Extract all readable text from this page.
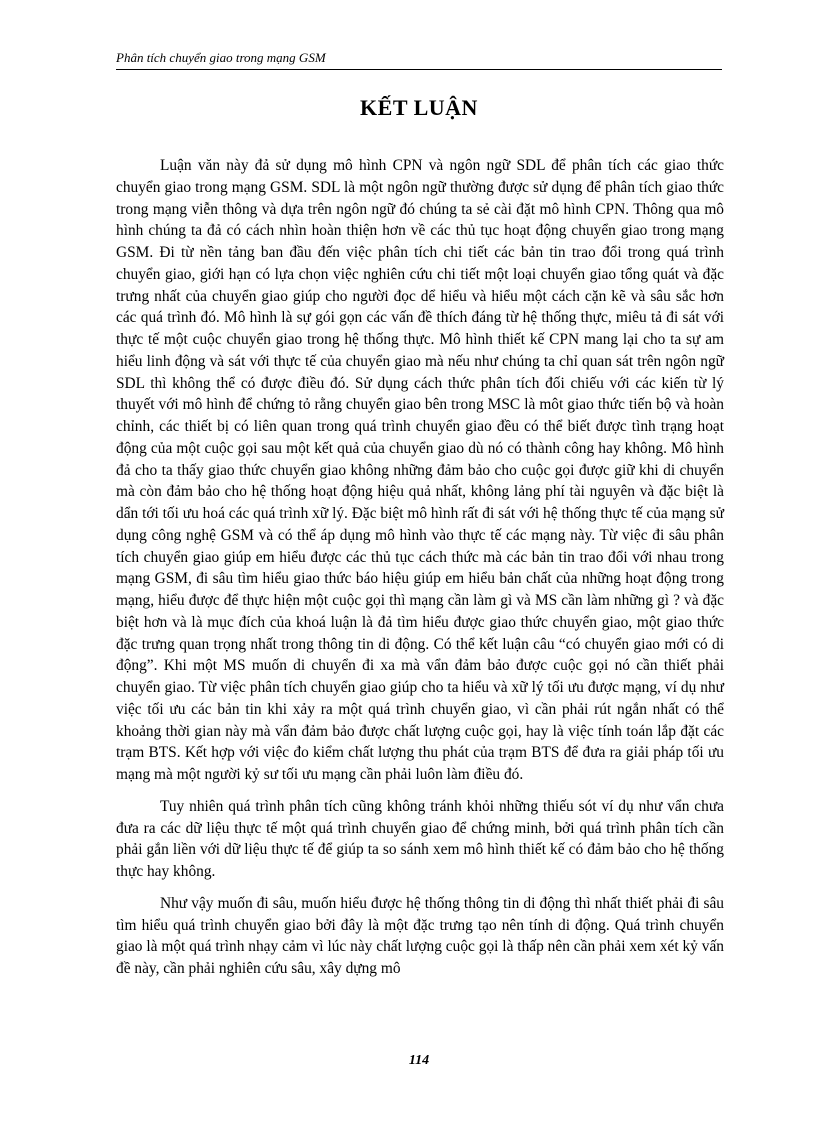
Phân tích chuyển giao trong mạng GSM
KẾT LUẬN

Luận văn này đả sử dụng mô hình CPN và ngôn ngữ SDL để phân tích các giao thức chuyển giao trong mạng GSM. SDL là một ngôn ngữ thường được sử dụng để phân tích giao thức trong mạng viễn thông và dựa trên ngôn ngữ đó chúng ta sẻ cài đặt mô hình CPN. Thông qua mô hình chúng ta đả có cách nhìn hoàn thiện hơn về các thủ tục hoạt động chuyển giao trong mạng GSM. Đi từ nền tảng ban đầu đến việc phân tích chi tiết các bản tin trao đổi trong quá trình chuyển giao, giới hạn có lựa chọn việc nghiên cứu chi tiết một loại chuyển giao tổng quát và đặc trưng nhất của chuyển giao giúp cho người đọc dể hiểu và hiểu một cách cặn kẽ và sâu sắc hơn các quá trình đó. Mô hình là sự gói gọn các vấn đề thích đáng từ hệ thống thực, miêu tả đi sát với thực tế một cuộc chuyển giao trong hệ thống thực. Mô hình thiết kế CPN mang lại cho ta sự am hiểu linh động và sát với thực tế của chuyển giao mà nếu như chúng ta chỉ quan sát trên ngôn ngữ SDL thì không thể có được điều đó. Sử dụng cách thức phân tích đối chiếu với các kiến từ lý thuyết với mô hình để chứng tỏ rằng chuyển giao bên trong MSC là môt giao thức tiến bộ và hoàn chỉnh, các thiết bị có liên quan trong quá trình chuyển giao đều có thể biết được tình trạng hoạt động của một cuộc gọi sau một kết quả của chuyển giao dù nó có thành công hay không. Mô hình đả cho ta thấy giao thức chuyển giao không những đảm bảo cho cuộc gọi được giữ khi di chuyển mà còn đảm bảo cho hệ thống hoạt động hiệu quả nhất, không lảng phí tài nguyên và đặc biệt là dẩn tới tối ưu hoá các quá trình xữ lý. Đặc biệt mô hình rất đi sát với hệ thống thực tế của mạng sử dụng công nghệ GSM và có thể áp dụng mô hình vào thực tế các mạng này. Từ việc đi sâu phân tích chuyển giao giúp em hiểu được các thủ tục cách thức mà các bản tin trao đổi với nhau trong mạng GSM, đi sâu tìm hiểu giao thức báo hiệu giúp em hiểu bản chất của những hoạt động trong mạng, hiểu được để thực hiện một cuộc gọi thì mạng cần làm gì và MS cần làm những gì ? và đặc biệt hơn và là mục đích của khoá luận là đả tìm hiểu được giao thức chuyển giao, một giao thức đặc trưng quan trọng nhất trong thông tin di động. Có thể kết luận câu “có chuyển giao mới có di động”. Khi một MS muốn di chuyển đi xa mà vẩn đảm bảo được cuộc gọi nó cần thiết phải chuyển giao. Từ việc phân tích chuyển giao giúp cho ta hiểu và xữ lý tối ưu được mạng, ví dụ như việc tối ưu các bản tin khi xảy ra một quá trình chuyển giao, vì cần phải rút ngắn nhất có thể khoảng thời gian này mà vẩn đảm bảo được chất lượng cuộc gọi, hay là việc tính toán lắp đặt các trạm BTS. Kết hợp với việc đo kiểm chất lượng thu phát của trạm BTS để đưa ra giải pháp tối ưu mạng mà một người kỷ sư tối ưu mạng cần phải luôn làm điều đó.

Tuy nhiên quá trình phân tích cũng không tránh khỏi những thiếu sót ví dụ như vẩn chưa đưa ra các dữ liệu thực tế một quá trình chuyển giao để chứng minh, bởi quá trình phân tích cần phải gắn liền với dữ liệu thực tế để giúp ta so sánh xem mô hình thiết kế có đảm bảo cho hệ thống thực hay không.

Như vậy muốn đi sâu, muốn hiểu được hệ thống thông tin di động thì nhất thiết phải đi sâu tìm hiểu quá trình chuyển giao bởi đây là một đặc trưng tạo nên tính di động. Quá trình chuyển giao là một quá trình nhạy cảm vì lúc này chất lượng cuộc gọi là thấp nên cần phải xem xét kỷ vấn đề này, cần phải nghiên cứu sâu, xây dựng mô

114
